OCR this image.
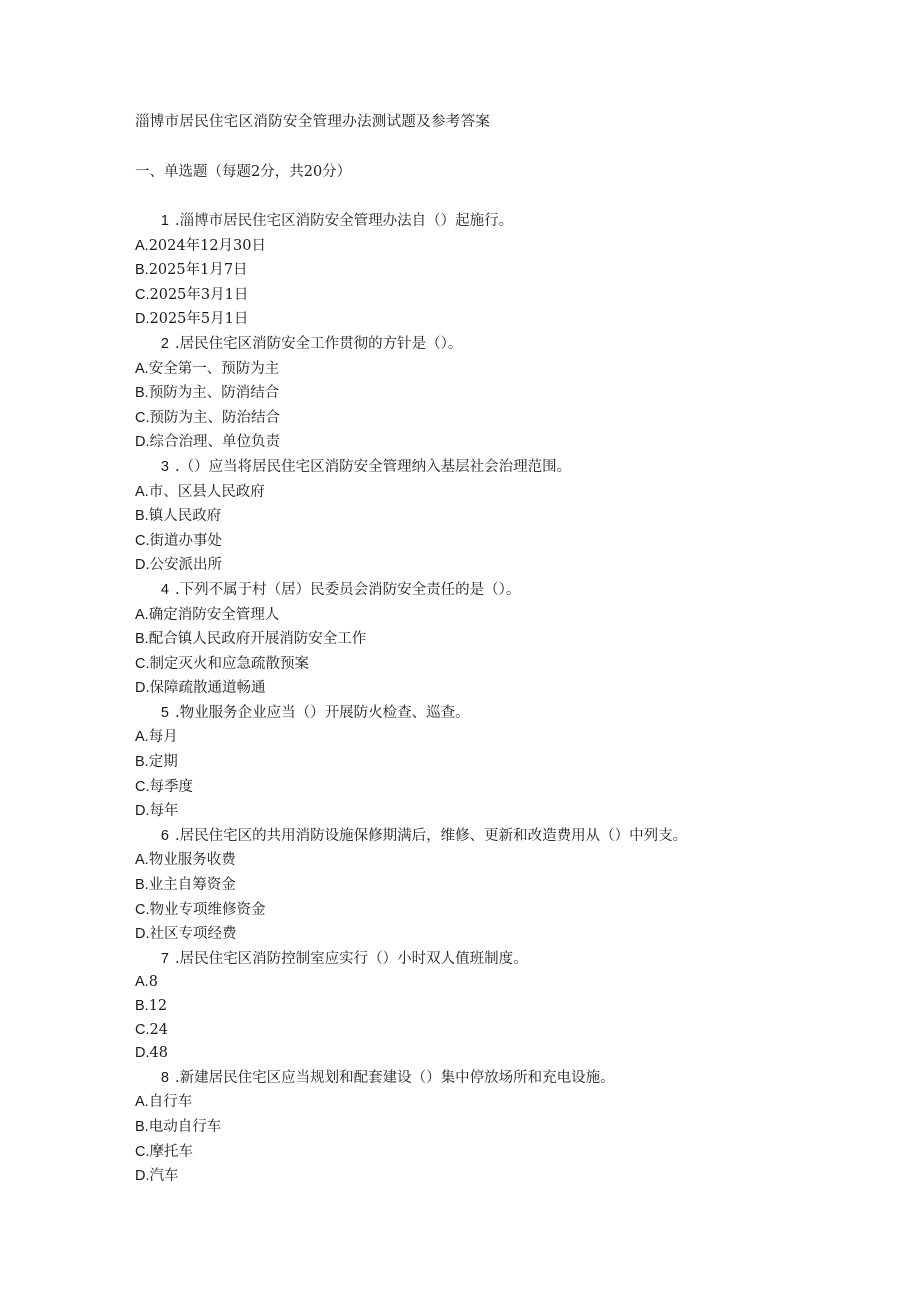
淄博市居民住宅区消防安全管理办法测试题及参考答案
一、单选题（每题2分，共20分）
1 .淄博市居民住宅区消防安全管理办法自（）起施行。
A.2024年12月30日
B.2025年1月7日
C.2025年3月1日
D.2025年5月1日
2 .居民住宅区消防安全工作贯彻的方针是（）。
A.安全第一、预防为主
B.预防为主、防消结合
C.预防为主、防治结合
D.综合治理、单位负责
3 .（）应当将居民住宅区消防安全管理纳入基层社会治理范围。
A.市、区县人民政府
B.镇人民政府
C.街道办事处
D.公安派出所
4 .下列不属于村（居）民委员会消防安全责任的是（）。
A.确定消防安全管理人
B.配合镇人民政府开展消防安全工作
C.制定灭火和应急疏散预案
D.保障疏散通道畅通
5 .物业服务企业应当（）开展防火检查、巡查。
A.每月
B.定期
C.每季度
D.每年
6 .居民住宅区的共用消防设施保修期满后，维修、更新和改造费用从（）中列支。
A.物业服务收费
B.业主自筹资金
C.物业专项维修资金
D.社区专项经费
7 .居民住宅区消防控制室应实行（）小时双人值班制度。
A.8
B.12
C.24
D.48
8 .新建居民住宅区应当规划和配套建设（）集中停放场所和充电设施。
A.自行车
B.电动自行车
C.摩托车
D.汽车
